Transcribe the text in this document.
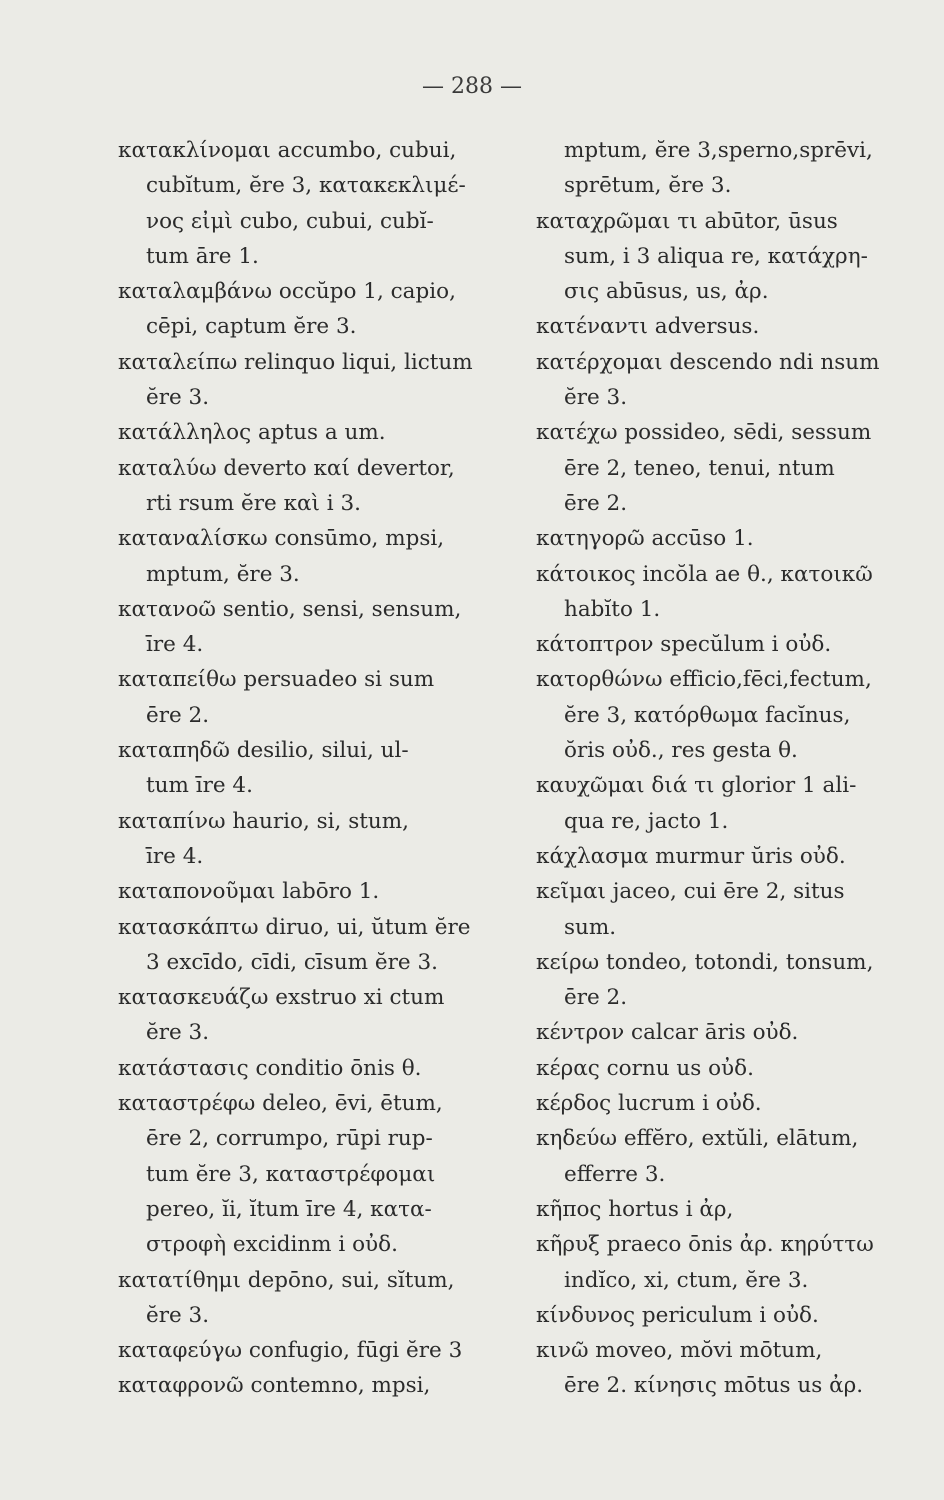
— 288 —
κατακλίνομαι accumbo, cubui,
cubĭtum, ĕre 3, κατακεκλιμέ-
νος εἰμὶ cubo, cubui, cubĭ-
tum āre 1.
καταλαμβάνω occŭpo 1, capio,
cēpi, captum ĕre 3.
καταλείπω relinquo liqui, lictum
ĕre 3.
κατάλληλος aptus a um.
καταλύω deverto καί devertor,
rti rsum ĕre καὶ i 3.
καταναλίσκω consūmo, mpsi,
mptum, ĕre 3.
κατανοῶ sentio, sensi, sensum,
īre 4.
καταπείθω persuadeo si sum
ēre 2.
καταπηδῶ desilio, silui, ul-
tum īre 4.
καταπίνω haurio, si, stum,
īre 4.
καταπονοῦμαι labōro 1.
κατασκάπτω diruo, ui, ŭtum ĕre
3 excīdo, cīdi, cīsum ĕre 3.
κατασκευάζω exstruo xi ctum
ĕre 3.
κατάστασις conditio ōnis θ.
καταστρέφω deleo, ēvi, ētum,
ēre 2, corrumpo, rūpi rup-
tum ĕre 3, καταστρέφομαι
pereo, ĭi, ĭtum īre 4, κατα-
στροφὴ excidinm i οὐδ.
κατατίθημι depōno, sui, sĭtum,
ĕre 3.
καταφεύγω confugio, fūgi ĕre 3
καταφρονῶ contemno, mpsi,
mptum, ĕre 3,sperno,sprēvi,
sprētum, ĕre 3.
καταχρῶμαι τι abūtor, ūsus
sum, i 3 aliqua re, κατάχρη-
σις abūsus, us, ἀρ.
κατέναντι adversus.
κατέρχομαι descendo ndi nsum
ĕre 3.
κατέχω possideo, sēdi, sessum
ēre 2, teneo, tenui, ntum
ēre 2.
κατηγορῶ accūso 1.
κάτοικος incŏla ae θ., κατοικῶ
habĭto 1.
κάτοπτρον specŭlum i οὐδ.
κατορθώνω efficio,fēci,fectum,
ĕre 3, κατόρθωμα facĭnus,
ŏris οὐδ., res gesta θ.
καυχῶμαι διά τι glorior 1 ali-
qua re, jacto 1.
κάχλασμα murmur ŭris οὐδ.
κεῖμαι jaceo, cui ēre 2, situs
sum.
κείρω tondeo, totondi, tonsum,
ēre 2.
κέντρον calcar āris οὐδ.
κέρας cornu us οὐδ.
κέρδος lucrum i οὐδ.
κηδεύω effĕro, extŭli, elātum,
efferre 3.
κῆπος hortus i ἀρ,
κῆρυξ praeco ōnis ἀρ. κηρύττω
indĭco, xi, ctum, ĕre 3.
κίνδυνος periculum i οὐδ.
κινῶ moveo, mŏvi mōtum,
ēre 2. κίνησις mōtus us ἀρ.
